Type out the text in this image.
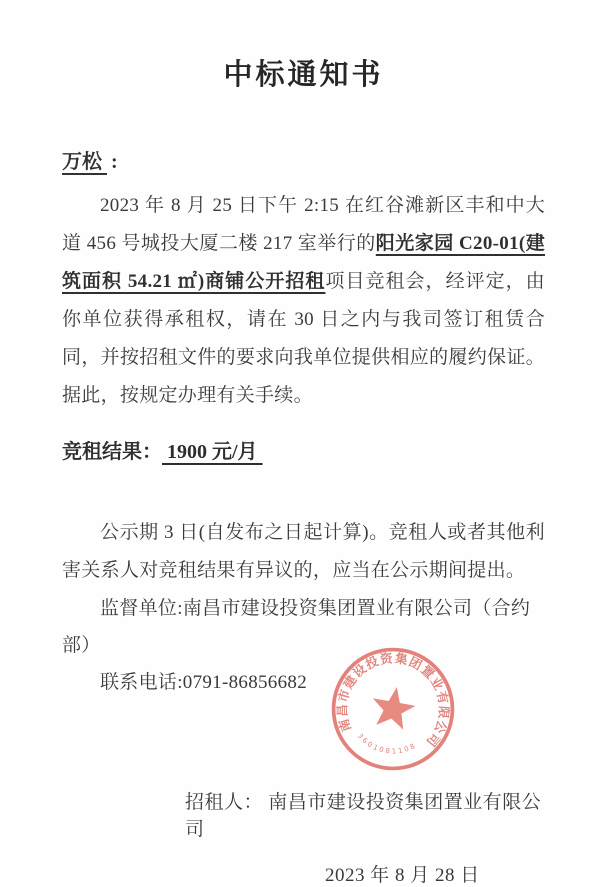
中标通知书
万松 :

2023 年 8 月 25 日下午 2:15 在红谷滩新区丰和中大道 456 号城投大厦二楼 217 室举行的阳光家园 C20-01(建筑面积 54.21 ㎡)商铺公开招租项目竞租会，经评定，由你单位获得承租权，请在 30 日之内与我司签订租赁合同，并按招租文件的要求向我单位提供相应的履约保证。据此，按规定办理有关手续。

竞租结果： 1900 元/月

公示期 3 日(自发布之日起计算)。竞租人或者其他利害关系人对竞租结果有异议的，应当在公示期间提出。

监督单位:南昌市建设投资集团置业有限公司（合约部）
联系电话:0791-86856682
招租人： 南昌市建设投资集团置业有限公司
2023 年 8 月 28 日
南昌市建设投资集团置业有限公司
3601081108
